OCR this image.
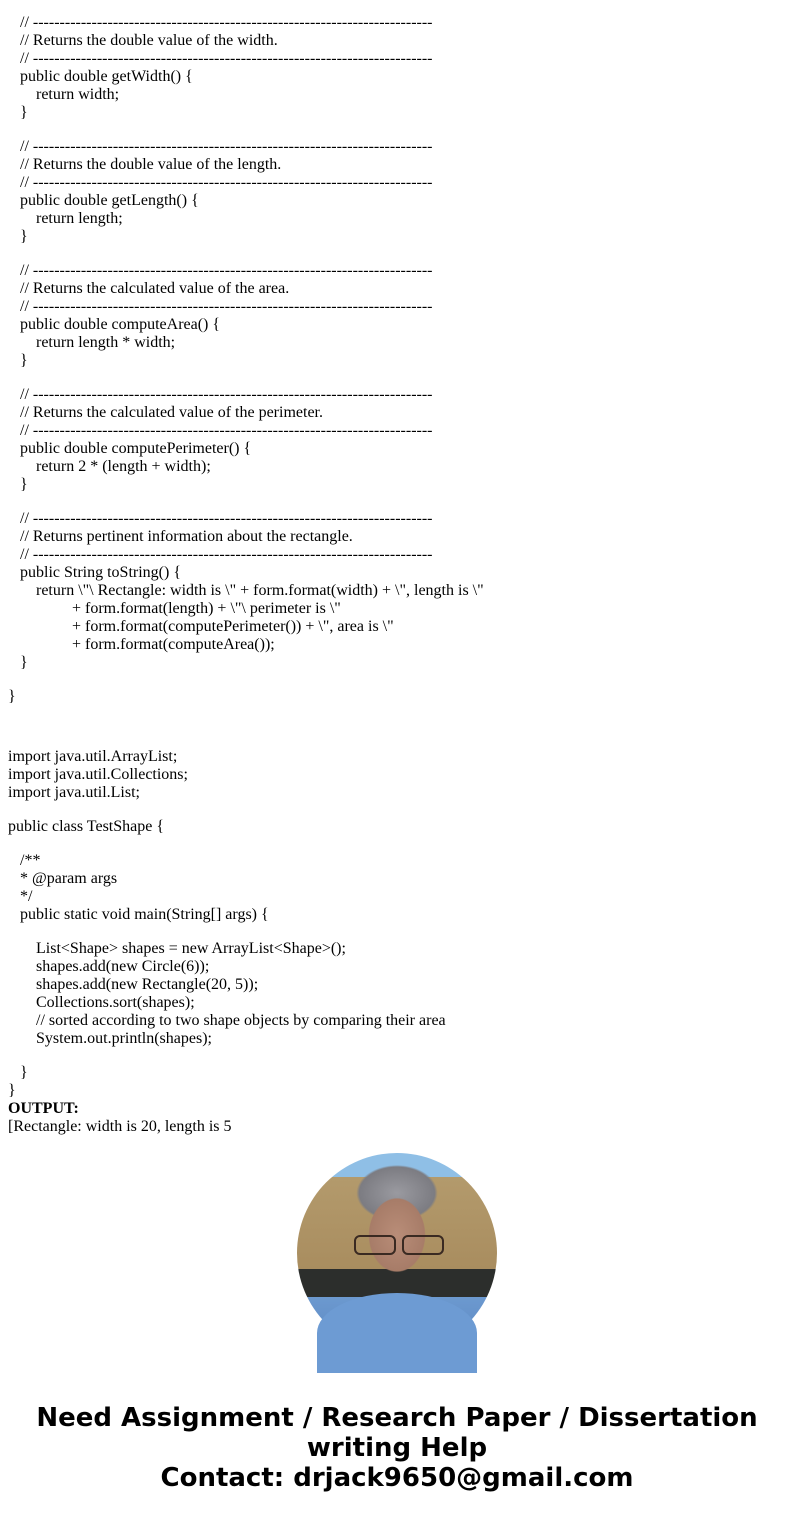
// ---------------------------------------------------------------------------
// Returns the double value of the width.
// ---------------------------------------------------------------------------
public double getWidth() {
return width;
}
// ---------------------------------------------------------------------------
// Returns the double value of the length.
// ---------------------------------------------------------------------------
public double getLength() {
return length;
}
// ---------------------------------------------------------------------------
// Returns the calculated value of the area.
// ---------------------------------------------------------------------------
public double computeArea() {
return length * width;
}
// ---------------------------------------------------------------------------
// Returns the calculated value of the perimeter.
// ---------------------------------------------------------------------------
public double computePerimeter() {
return 2 * (length + width);
}
// ---------------------------------------------------------------------------
// Returns pertinent information about the rectangle.
// ---------------------------------------------------------------------------
public String toString() {
return \"\ Rectangle: width is \" + form.format(width) + \", length is \"
+ form.format(length) + \"\ perimeter is \"
+ form.format(computePerimeter()) + \", area is \"
+ form.format(computeArea());
}
}
import java.util.ArrayList;
import java.util.Collections;
import java.util.List;
public class TestShape {
/**
* @param args
*/
public static void main(String[] args) {
List<Shape> shapes = new ArrayList<Shape>();
shapes.add(new Circle(6));
shapes.add(new Rectangle(20, 5));
Collections.sort(shapes);
// sorted according to two shape objects by comparing their area
System.out.println(shapes);
}
}
OUTPUT:
[Rectangle: width is 20, length is 5
Need Assignment / Research Paper / Dissertation
writing Help
Contact: drjack9650@gmail.com
